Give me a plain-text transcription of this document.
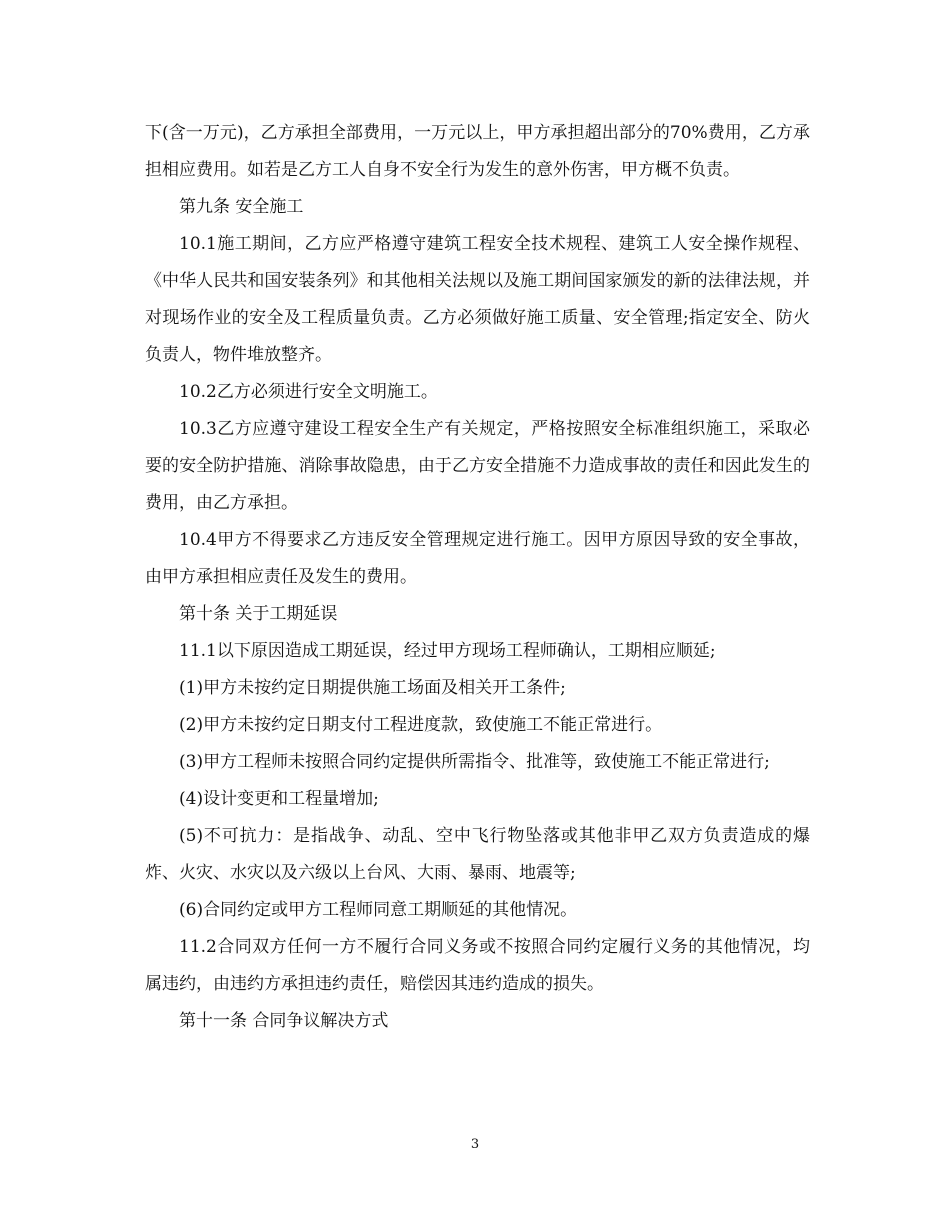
下(含一万元)，乙方承担全部费用，一万元以上，甲方承担超出部分的70%费用，乙方承担相应费用。如若是乙方工人自身不安全行为发生的意外伤害，甲方概不负责。

第九条 安全施工

10.1施工期间，乙方应严格遵守建筑工程安全技术规程、建筑工人安全操作规程、《中华人民共和国安装条列》和其他相关法规以及施工期间国家颁发的新的法律法规，并对现场作业的安全及工程质量负责。乙方必须做好施工质量、安全管理;指定安全、防火负责人，物件堆放整齐。

10.2乙方必须进行安全文明施工。

10.3乙方应遵守建设工程安全生产有关规定，严格按照安全标准组织施工，采取必要的安全防护措施、消除事故隐患，由于乙方安全措施不力造成事故的责任和因此发生的费用，由乙方承担。

10.4甲方不得要求乙方违反安全管理规定进行施工。因甲方原因导致的安全事故，由甲方承担相应责任及发生的费用。

第十条 关于工期延误

11.1以下原因造成工期延误，经过甲方现场工程师确认，工期相应顺延;

(1)甲方未按约定日期提供施工场面及相关开工条件;

(2)甲方未按约定日期支付工程进度款，致使施工不能正常进行。

(3)甲方工程师未按照合同约定提供所需指令、批准等，致使施工不能正常进行;

(4)设计变更和工程量增加;

(5)不可抗力：是指战争、动乱、空中飞行物坠落或其他非甲乙双方负责造成的爆炸、火灾、水灾以及六级以上台风、大雨、暴雨、地震等;

(6)合同约定或甲方工程师同意工期顺延的其他情况。

11.2合同双方任何一方不履行合同义务或不按照合同约定履行义务的其他情况，均属违约，由违约方承担违约责任，赔偿因其违约造成的损失。

第十一条 合同争议解决方式

3
